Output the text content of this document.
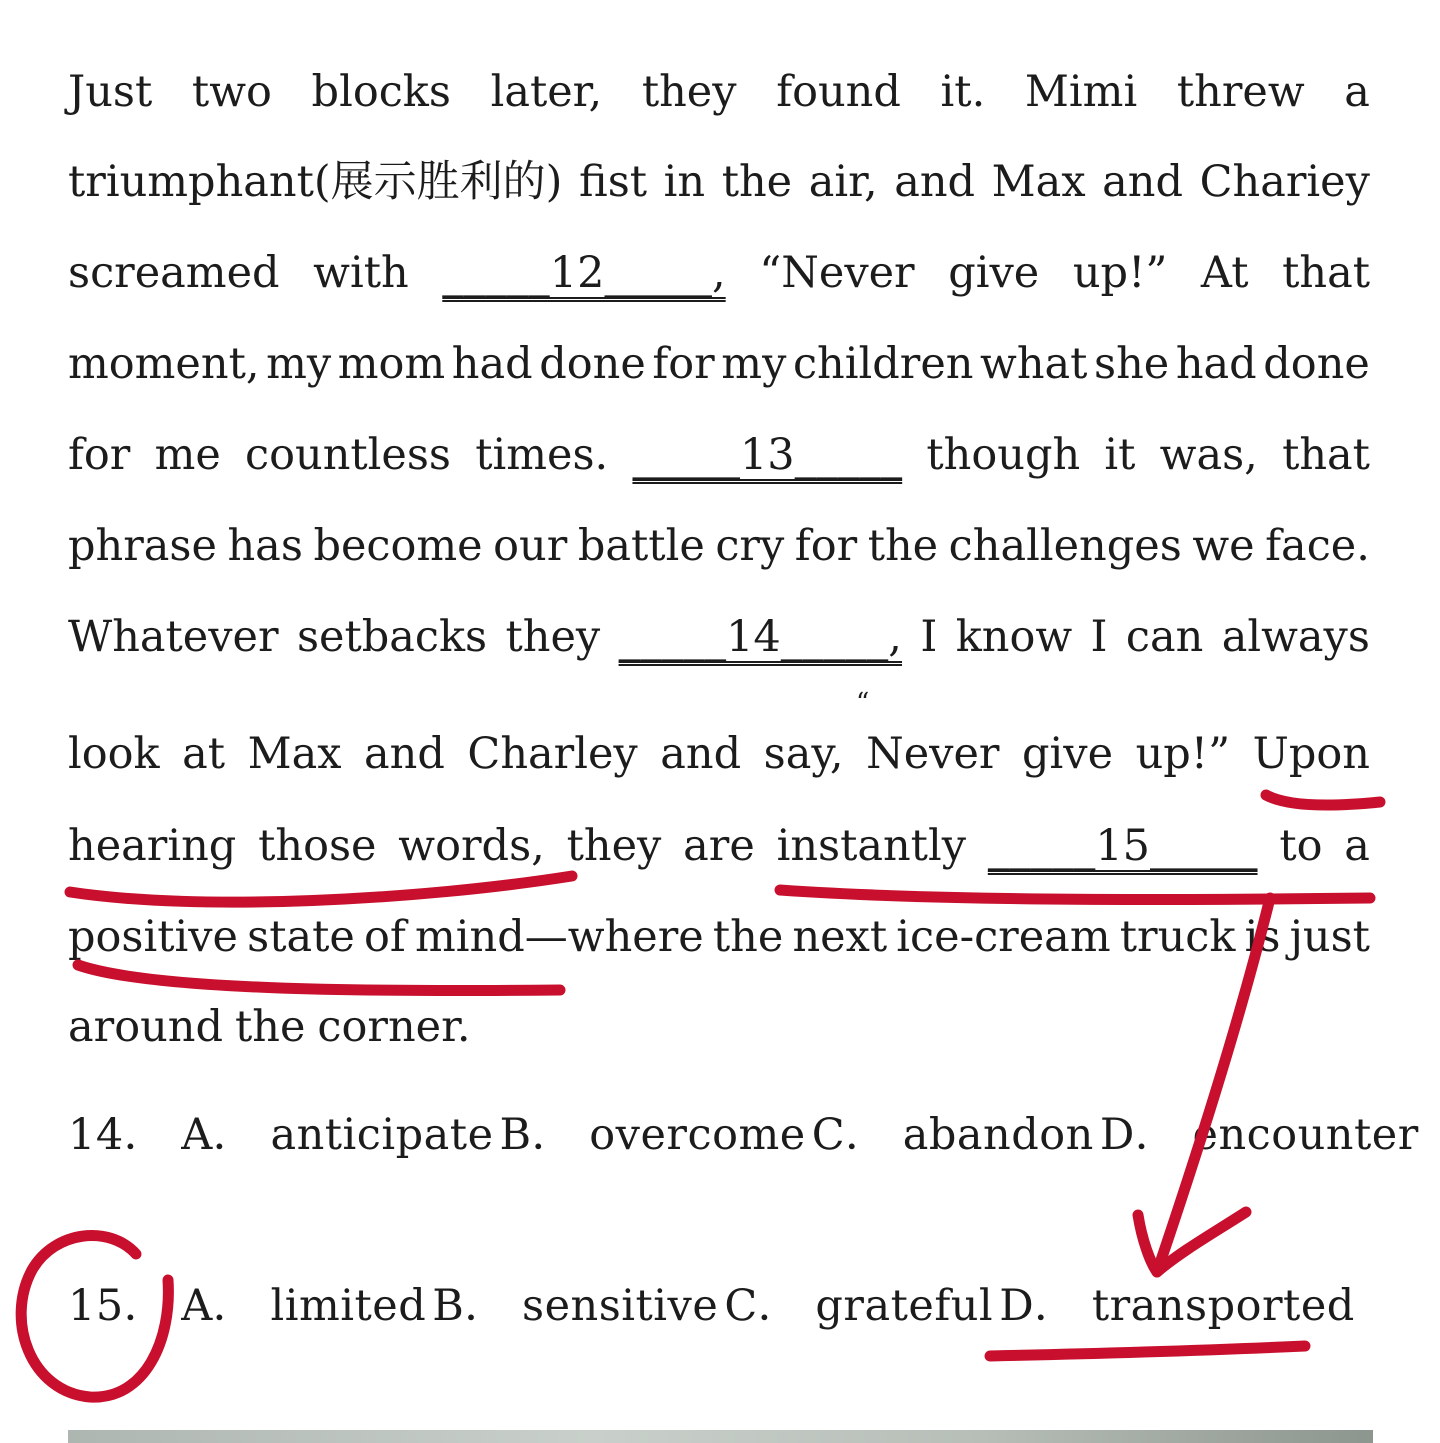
Just two blocks later, they found it. Mimi threw a
triumphant(展示胜利的) fist in the air, and Max and Chariey
screamed with _____12_____, “Never give up!” At that
moment, my mom had done for my children what she had done
for me countless times. _____13_____ though it was, that
phrase has become our battle cry for the challenges we face.
Whatever setbacks they _____14_____, I know I can always
“
look at Max and Charley and say, Never give up!” Upon
hearing those words, they are instantly _____15_____ to a
positive state of mind—where the next ice-cream truck is just
around the corner.
14． A． anticipate B． overcome C． abandon D． encounter
15． A． limited B． sensitive C． grateful D． transported
